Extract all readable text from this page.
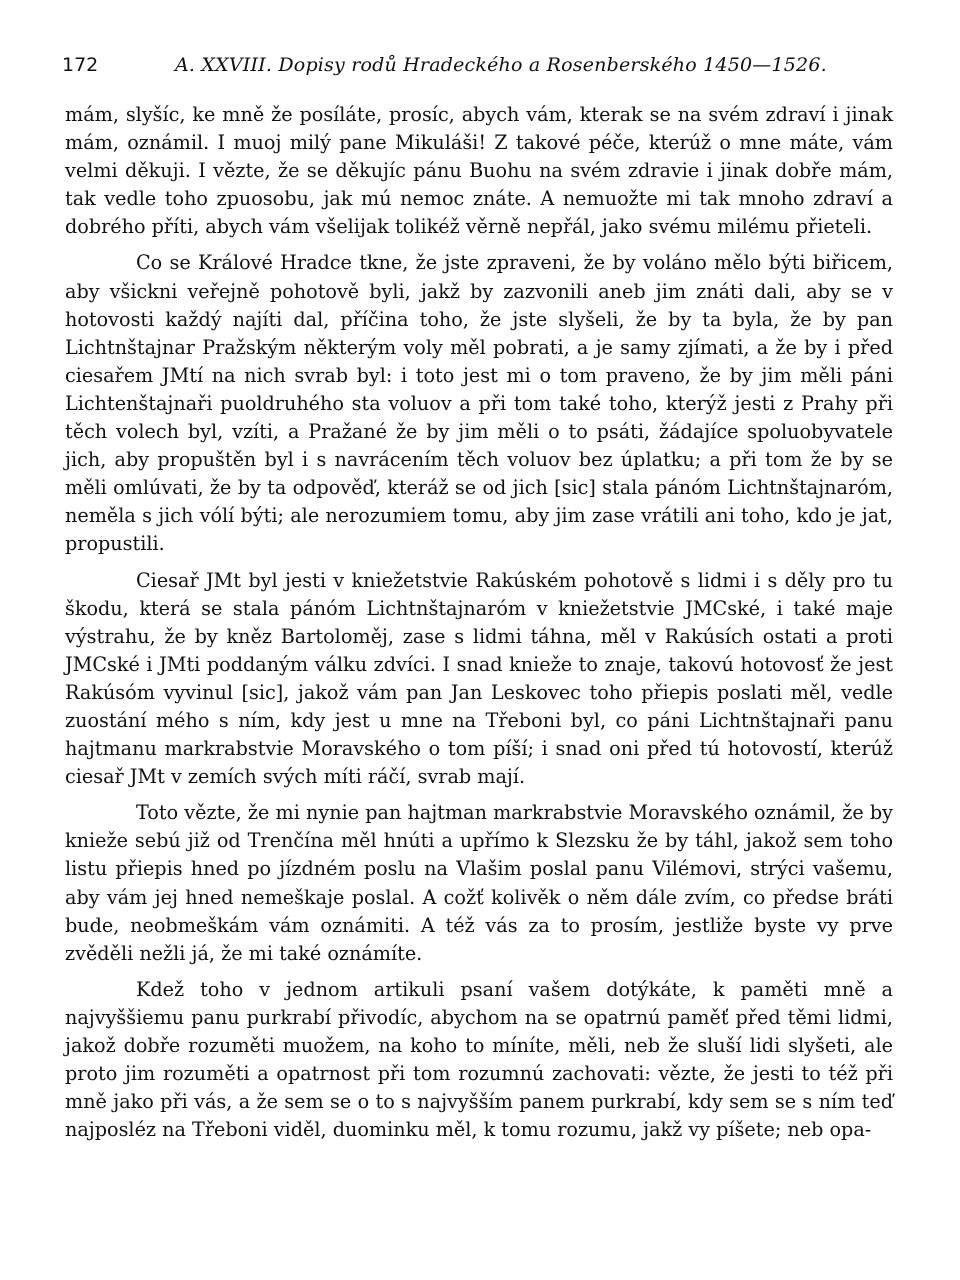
172	A. XXVIII. Dopisy rodů Hradeckého a Rosenberského 1450—1526.

mám, slyšíc, ke mně že posíláte, prosíc, abych vám, kterak se na svém zdraví i jinak mám, oznámil. I muoj milý pane Mikuláši! Z takové péče, kterúž o mne máte, vám velmi děkuji. I vězte, že se děkujíc pánu Buohu na svém zdravie i jinak dobře mám, tak vedle toho zpuosobu, jak mú nemoc znáte. A nemuožte mi tak mnoho zdraví a dobrého příti, abych vám všelijak tolikéž věrně nepřál, jako svému milému přieteli.

Co se Králové Hradce tkne, že jste zpraveni, že by voláno mělo býti biřicem, aby všickni veřejně pohotově byli, jakž by zazvonili aneb jim znáti dali, aby se v hotovosti každý najíti dal, příčina toho, že jste slyšeli, že by ta byla, že by pan Lichtnštajnar Pražským některým voly měl pobrati, a je samy zjímati, a že by i před ciesařem JMtí na nich svrab byl: i toto jest mi o tom praveno, že by jim měli páni Lichtenštajnaři puoldruhého sta voluov a při tom také toho, kterýž jesti z Prahy při těch volech byl, vzíti, a Pražané že by jim měli o to psáti, žádajíce spoluobyvatele jich, aby propuštěn byl i s navrácením těch voluov bez úplatku; a při tom že by se měli omlúvati, že by ta odpověď, kteráž se od jich [sic] stala pánóm Lichtnštajnaróm, neměla s jich vólí býti; ale nerozumiem tomu, aby jim zase vrátili ani toho, kdo je jat, propustili.

Ciesař JMt byl jesti v kniežetstvie Rakúském pohotově s lidmi i s děly pro tu škodu, která se stala pánóm Lichtnštajnaróm v kniežetstvie JMCské, i také maje výstrahu, že by kněz Bartoloměj, zase s lidmi táhna, měl v Rakúsích ostati a proti JMCské i JMti poddaným válku zdvíci. I snad knieže to znaje, takovú hotovosť že jest Rakúsóm vyvinul [sic], jakož vám pan Jan Leskovec toho přiepis poslati měl, vedle zuostání mého s ním, kdy jest u mne na Třeboni byl, co páni Lichtnštajnaři panu hajtmanu markrabstvie Moravského o tom píší; i snad oni před tú hotovostí, kterúž ciesař JMt v zemích svých míti ráčí, svrab mají.

Toto vězte, že mi nynie pan hajtman markrabstvie Moravského oznámil, že by knieže sebú již od Trenčína měl hnúti a upřímo k Slezsku že by táhl, jakož sem toho listu přiepis hned po jízdném poslu na Vlašim poslal panu Vilémovi, strýci vašemu, aby vám jej hned nemeškaje poslal. A cožť kolivěk o něm dále zvím, co předse bráti bude, neobmeškám vám oznámiti. A též vás za to prosím, jestliže byste vy prve zvěděli nežli já, že mi také oznámíte.

Kdež toho v jednom artikuli psaní vašem dotýkáte, k paměti mně a najvyššiemu panu purkrabí přivodíc, abychom na se opatrnú paměť před těmi lidmi, jakož dobře rozuměti muožem, na koho to míníte, měli, neb že sluší lidi slyšeti, ale proto jim rozuměti a opatrnost při tom rozumnú zachovati: vězte, že jesti to též při mně jako při vás, a že sem se o to s najvyšším panem purkrabí, kdy sem se s ním teď najposléz na Třeboni viděl, duominku měl, k tomu rozumu, jakž vy píšete; neb opa-
